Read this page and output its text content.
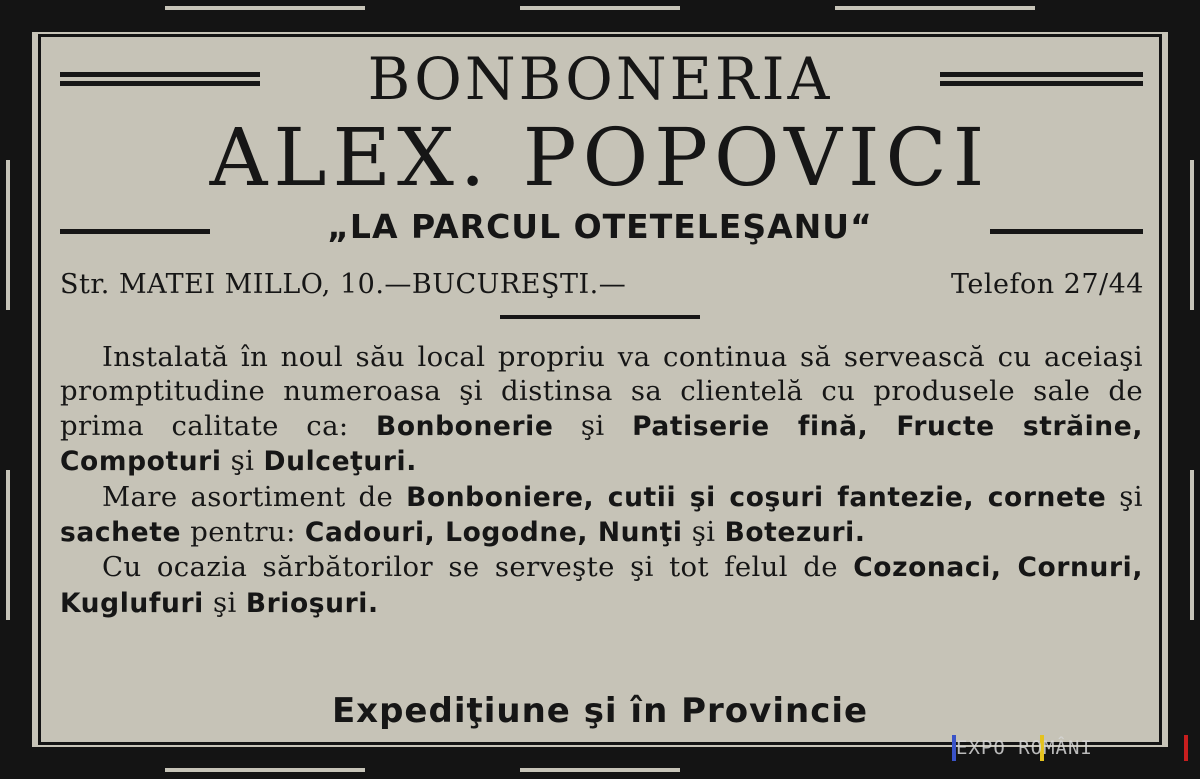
BONBONERIA
ALEX. POPOVICI
„LA PARCUL OTETELEŞANU“
Str. MATEI MILLO, 10.—BUCUREŞTI.—	Telefon 27/44

Instalată în noul său local propriu va continua să servească cu aceiaşi promptitudine numeroasa şi distinsa sa clientelă cu produsele sale de prima calitate ca: Bonbonerie şi Patiserie fină, Fructe străine, Compoturi şi Dulceţuri.

Mare asortiment de Bonboniere, cutii şi coşuri fantezie, cornete şi sachete pentru: Cadouri, Logodne, Nunţi şi Botezuri.

Cu ocazia sărbătorilor se serveşte şi tot felul de Cozonaci, Cornuri, Kuglufuri şi Brioşuri.

Expediţiune şi în Provincie
EXPO ROMÂNI
